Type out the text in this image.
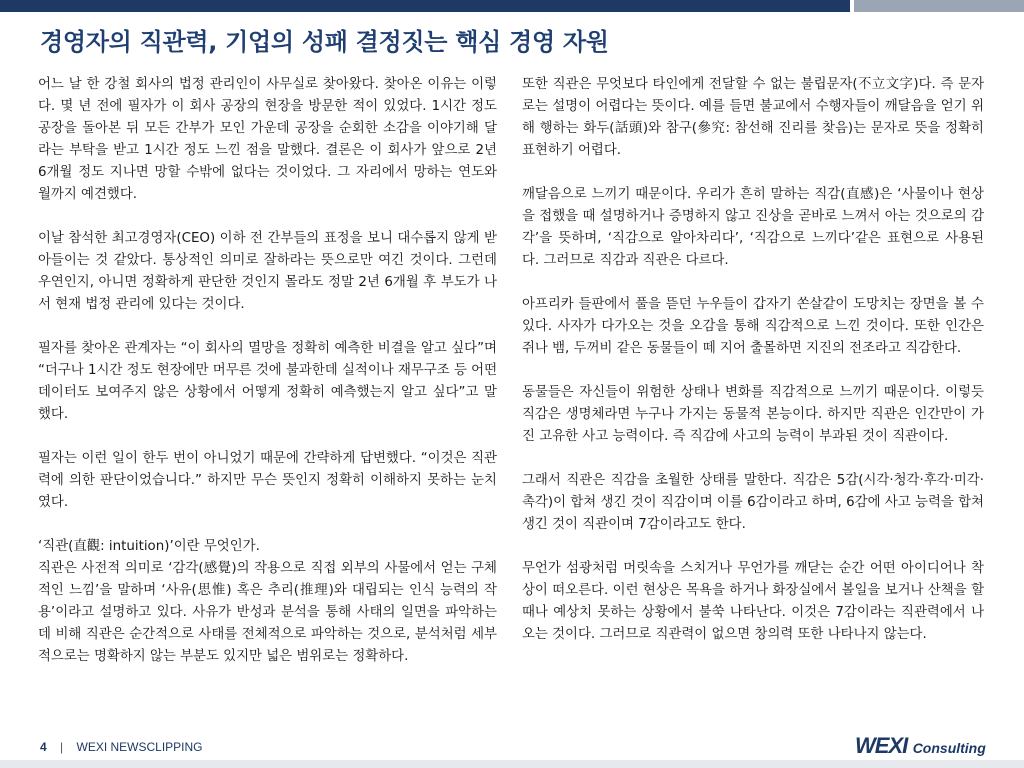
경영자의 직관력, 기업의 성패 결정짓는 핵심 경영 자원

어느 날 한 강철 회사의 법정 관리인이 사무실로 찾아왔다. 찾아온 이유는 이렇다. 몇 년 전에 필자가 이 회사 공장의 현장을 방문한 적이 있었다. 1시간 정도 공장을 돌아본 뒤 모든 간부가 모인 가운데 공장을 순회한 소감을 이야기해 달라는 부탁을 받고 1시간 정도 느낀 점을 말했다. 결론은 이 회사가 앞으로 2년 6개월 정도 지나면 망할 수밖에 없다는 것이었다. 그 자리에서 망하는 연도와 월까지 예견했다.

이날 참석한 최고경영자(CEO) 이하 전 간부들의 표정을 보니 대수롭지 않게 받아들이는 것 같았다. 통상적인 의미로 잘하라는 뜻으로만 여긴 것이다. 그런데 우연인지, 아니면 정확하게 판단한 것인지 몰라도 정말 2년 6개월 후 부도가 나서 현재 법정 관리에 있다는 것이다.

필자를 찾아온 관계자는 “이 회사의 멸망을 정확히 예측한 비결을 알고 싶다”며 “더구나 1시간 정도 현장에만 머무른 것에 불과한데 실적이나 재무구조 등 어떤 데이터도 보여주지 않은 상황에서 어떻게 정확히 예측했는지 알고 싶다”고 말했다.

필자는 이런 일이 한두 번이 아니었기 때문에 간략하게 답변했다. “이것은 직관력에 의한 판단이었습니다.” 하지만 무슨 뜻인지 정확히 이해하지 못하는 눈치였다.

‘직관(直觀: intuition)’이란 무엇인가.

직관은 사전적 의미로 ‘감각(感覺)의 작용으로 직접 외부의 사물에서 얻는 구체적인 느낌’을 말하며 ‘사유(思惟) 혹은 추리(推理)와 대립되는 인식 능력의 작용’이라고 설명하고 있다. 사유가 반성과 분석을 통해 사태의 일면을 파악하는데 비해 직관은 순간적으로 사태를 전체적으로 파악하는 것으로, 분석처럼 세부적으로는 명확하지 않는 부분도 있지만 넓은 범위로는 정확하다.

또한 직관은 무엇보다 타인에게 전달할 수 없는 불립문자(不立文字)다. 즉 문자로는 설명이 어렵다는 뜻이다. 예를 들면 불교에서 수행자들이 깨달음을 얻기 위해 행하는 화두(話頭)와 참구(參究: 참선해 진리를 찾음)는 문자로 뜻을 정확히 표현하기 어렵다.

깨달음으로 느끼기 때문이다. 우리가 흔히 말하는 직감(直感)은 ‘사물이나 현상을 접했을 때 설명하거나 증명하지 않고 진상을 곧바로 느껴서 아는 것으로의 감각’을 뜻하며, ‘직감으로 알아차리다’, ‘직감으로 느끼다’같은 표현으로 사용된다. 그러므로 직감과 직관은 다르다.

아프리카 들판에서 풀을 뜯던 누우들이 갑자기 쏜살같이 도망치는 장면을 볼 수 있다. 사자가 다가오는 것을 오감을 통해 직감적으로 느낀 것이다. 또한 인간은 쥐나 뱀, 두꺼비 같은 동물들이 떼 지어 출몰하면 지진의 전조라고 직감한다.

동물들은 자신들이 위험한 상태나 변화를 직감적으로 느끼기 때문이다. 이렇듯 직감은 생명체라면 누구나 가지는 동물적 본능이다. 하지만 직관은 인간만이 가진 고유한 사고 능력이다. 즉 직감에 사고의 능력이 부과된 것이 직관이다.

그래서 직관은 직감을 초월한 상태를 말한다. 직감은 5감(시각·청각·후각·미각·촉각)이 합쳐 생긴 것이 직감이며 이를 6감이라고 하며, 6감에 사고 능력을 합쳐 생긴 것이 직관이며 7감이라고도 한다.

무언가 섬광처럼 머릿속을 스치거나 무언가를 깨닫는 순간 어떤 아이디어나 착상이 떠오른다. 이런 현상은 목욕을 하거나 화장실에서 볼일을 보거나 산책을 할 때나 예상치 못하는 상황에서 불쑥 나타난다. 이것은 7감이라는 직관력에서 나오는 것이다. 그러므로 직관력이 없으면 창의력 또한 나타나지 않는다.

4 | WEXI NEWSCLIPPING	WEXI Consulting
